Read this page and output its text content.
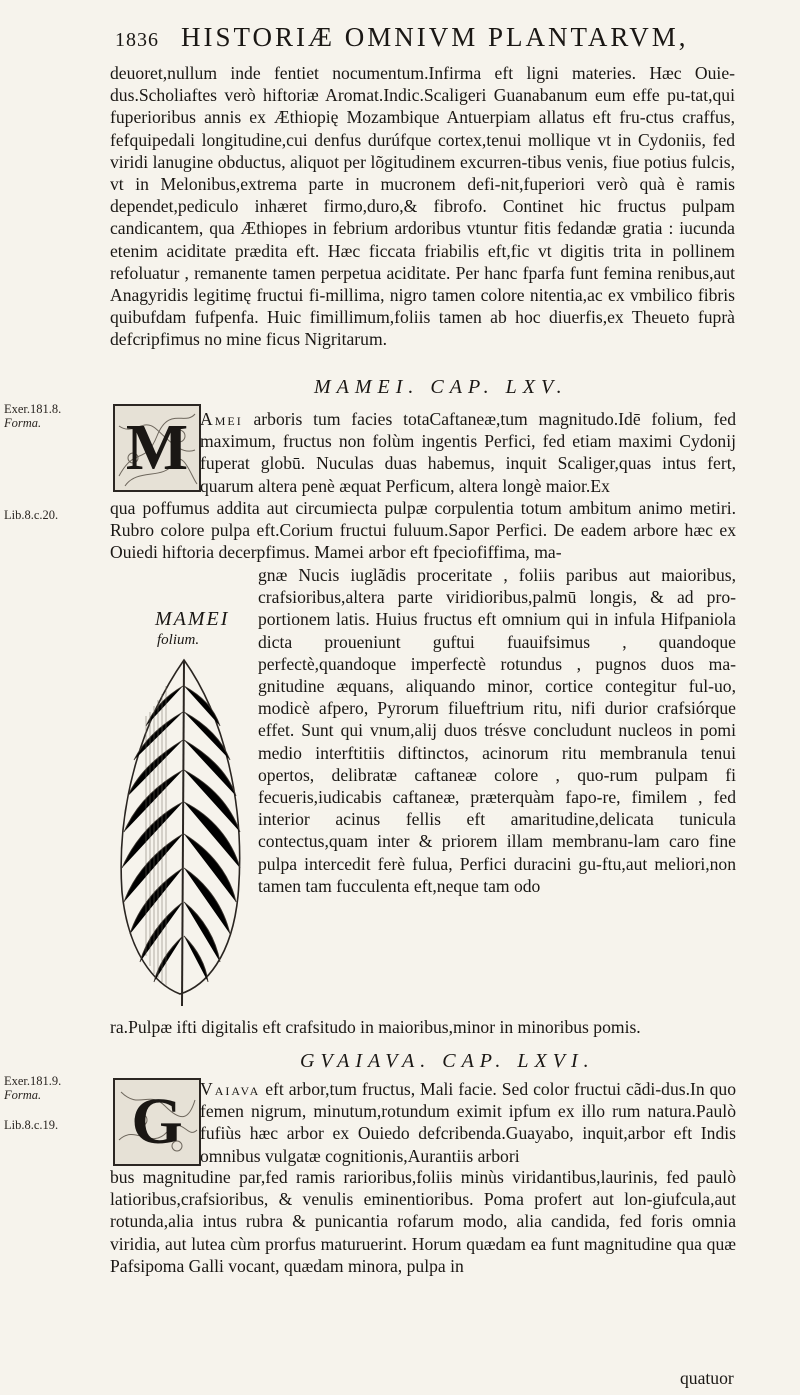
1836 HISTORIÆ OMNIVM PLANTARVM,
deuoret,nullum inde fentiet nocumentum.Infirma eft ligni materies. Hæc Ouie-dus.Scholiaftes verò hiftoriæ Aromat.Indic.Scaligeri Guanabanum eum effe pu-tat,qui fuperioribus annis ex Æthiopię Mozambique Antuerpiam allatus eft fru-ctus craffus, fefquipedali longitudine,cui denfus durúfque cortex,tenui mollique vt in Cydoniis, fed viridi lanugine obductus, aliquot per lõgitudinem excurren-tibus venis, fiue potius fulcis, vt in Melonibus,extrema parte in mucronem defi-nit,fuperiori verò quà è ramis dependet,pediculo inhæret firmo,duro,& fibrofo. Continet hic fructus pulpam candicantem, qua Æthiopes in febrium ardoribus vtuntur fitis fedandæ gratia : iucunda etenim aciditate prædita eft. Hæc ficcata friabilis eft,fic vt digitis trita in pollinem refoluatur , remanente tamen perpetua aciditate. Per hanc fparfa funt femina renibus,aut Anagyridis legitimę fructui fi-millima, nigro tamen colore nitentia,ac ex vmbilico fibris quibufdam fufpenfa. Huic fimillimum,foliis tamen ab hoc diuerfis,ex Theueto fuprà defcripfimus no mine ficus Nigritarum.
MAMEI. CAP. LXV.
Exer.181.8.
Forma.	M Amei arboris tum facies totaCaftaneæ,tum magnitudo.Idē folium, fed maximum, fructus non folùm ingentis Perfici, fed etiam maximi Cydonij fuperat globū. Nuculas duas habemus, inquit Scaliger,quas intus fert, quarum altera penè æquat Perficum, altera longè maior.Ex
Lib.8.c.20.	qua poffumus addita aut circumiecta pulpæ corpulentia totum ambitum animo metiri. Rubro colore pulpa eft.Corium fructui fuluum.Sapor Perfici. De eadem arbore hæc ex Ouiedi hiftoria decerpfimus. Mamei arbor eft fpeciofiffima, ma-
MAMEI
folium.
gnæ Nucis iuglãdis proceritate , foliis paribus aut maioribus, crafsioribus,altera parte viridioribus,palmū longis, & ad pro-portionem latis. Huius fructus eft omnium qui in infula Hifpaniola dicta proueniunt guftui fuauifsimus , quandoque perfectè,quandoque imperfectè rotundus , pugnos duos ma-gnitudine æquans, aliquando minor, cortice contegitur ful-uo, modicè afpero, Pyrorum filueftrium ritu, nifi durior crafsiórque effet. Sunt qui vnum,alij duos trésve concludunt nucleos in pomi medio interftitiis diftinctos, acinorum ritu membranula tenui opertos, delibratæ caftaneæ colore , quo-rum pulpam fi fecueris,iudicabis caftaneæ, præterquàm fapo-re, fimilem , fed interior acinus fellis eft amaritudine,delicata tunicula contectus,quam inter & priorem illam membranu-lam caro fine pulpa intercedit ferè fulua, Perfici duracini gu-ftu,aut meliori,non tamen tam fucculenta eft,neque tam odo
ra.Pulpæ ifti digitalis eft crafsitudo in maioribus,minor in minoribus pomis.
GVAIAVA. CAP. LXVI.
Exer.181.9.
Forma.
Lib.8.c.19. G Vaiava eft arbor,tum fructus, Mali facie. Sed color fructui cãdi-dus.In quo femen nigrum, minutum,rotundum eximit ipfum ex illo rum natura.Paulò fufiùs hæc arbor ex Ouiedo defcribenda.Guayabo, inquit,arbor eft Indis omnibus vulgatæ cognitionis,Aurantiis arbori
bus magnitudine par,fed ramis rarioribus,foliis minùs viridantibus,laurinis, fed paulò latioribus,crafsioribus, & venulis eminentioribus. Poma profert aut lon-giufcula,aut rotunda,alia intus rubra & punicantia rofarum modo, alia candida, fed foris omnia viridia, aut lutea cùm prorfus maturuerint. Horum quædam ea funt magnitudine qua quæ Pafsipoma Galli vocant, quædam minora, pulpa in
quatuor
